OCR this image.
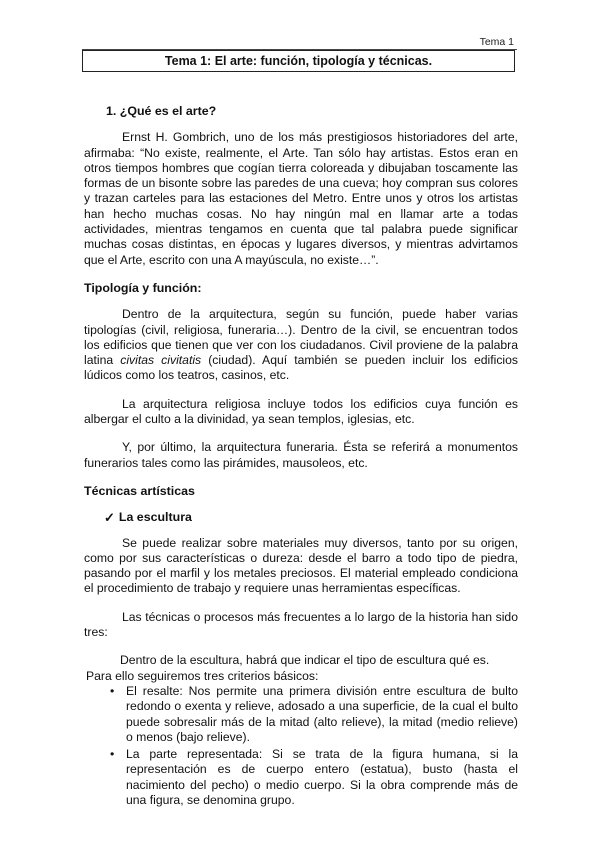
Tema 1
Tema 1: El arte: función, tipología y técnicas.
1. ¿Qué es el arte?

Ernst H. Gombrich, uno de los más prestigiosos historiadores del arte, afirmaba: “No existe, realmente, el Arte. Tan sólo hay artistas. Estos eran en otros tiempos hombres que cogían tierra coloreada y dibujaban toscamente las formas de un bisonte sobre las paredes de una cueva; hoy compran sus colores y trazan carteles para las estaciones del Metro. Entre unos y otros los artistas han hecho muchas cosas. No hay ningún mal en llamar arte a todas actividades, mientras tengamos en cuenta que tal palabra puede significar muchas cosas distintas, en épocas y lugares diversos, y mientras advirtamos que el Arte, escrito con una A mayúscula, no existe…”.

Tipología y función:

Dentro de la arquitectura, según su función, puede haber varias tipologías (civil, religiosa, funeraria…). Dentro de la civil, se encuentran todos los edificios que tienen que ver con los ciudadanos. Civil proviene de la palabra latina civitas civitatis (ciudad). Aquí también se pueden incluir los edificios lúdicos como los teatros, casinos, etc.

La arquitectura religiosa incluye todos los edificios cuya función es albergar el culto a la divinidad, ya sean templos, iglesias, etc.

Y, por último, la arquitectura funeraria. Ésta se referirá a monumentos funerarios tales como las pirámides, mausoleos, etc.

Técnicas artísticas
✓ La escultura

Se puede realizar sobre materiales muy diversos, tanto por su origen, como por sus características o dureza: desde el barro a todo tipo de piedra, pasando por el marfil y los metales preciosos. El material empleado condiciona el procedimiento de trabajo y requiere unas herramientas específicas.

Las técnicas o procesos más frecuentes a lo largo de la historia han sido tres:

Dentro de la escultura, habrá que indicar el tipo de escultura qué es.

Para ello seguiremos tres criterios básicos:

• El resalte: Nos permite una primera división entre escultura de bulto redondo o exenta y relieve, adosado a una superficie, de la cual el bulto puede sobresalir más de la mitad (alto relieve), la mitad (medio relieve) o menos (bajo relieve).
• La parte representada: Si se trata de la figura humana, si la representación es de cuerpo entero (estatua), busto (hasta el nacimiento del pecho) o medio cuerpo. Si la obra comprende más de una figura, se denomina grupo.
